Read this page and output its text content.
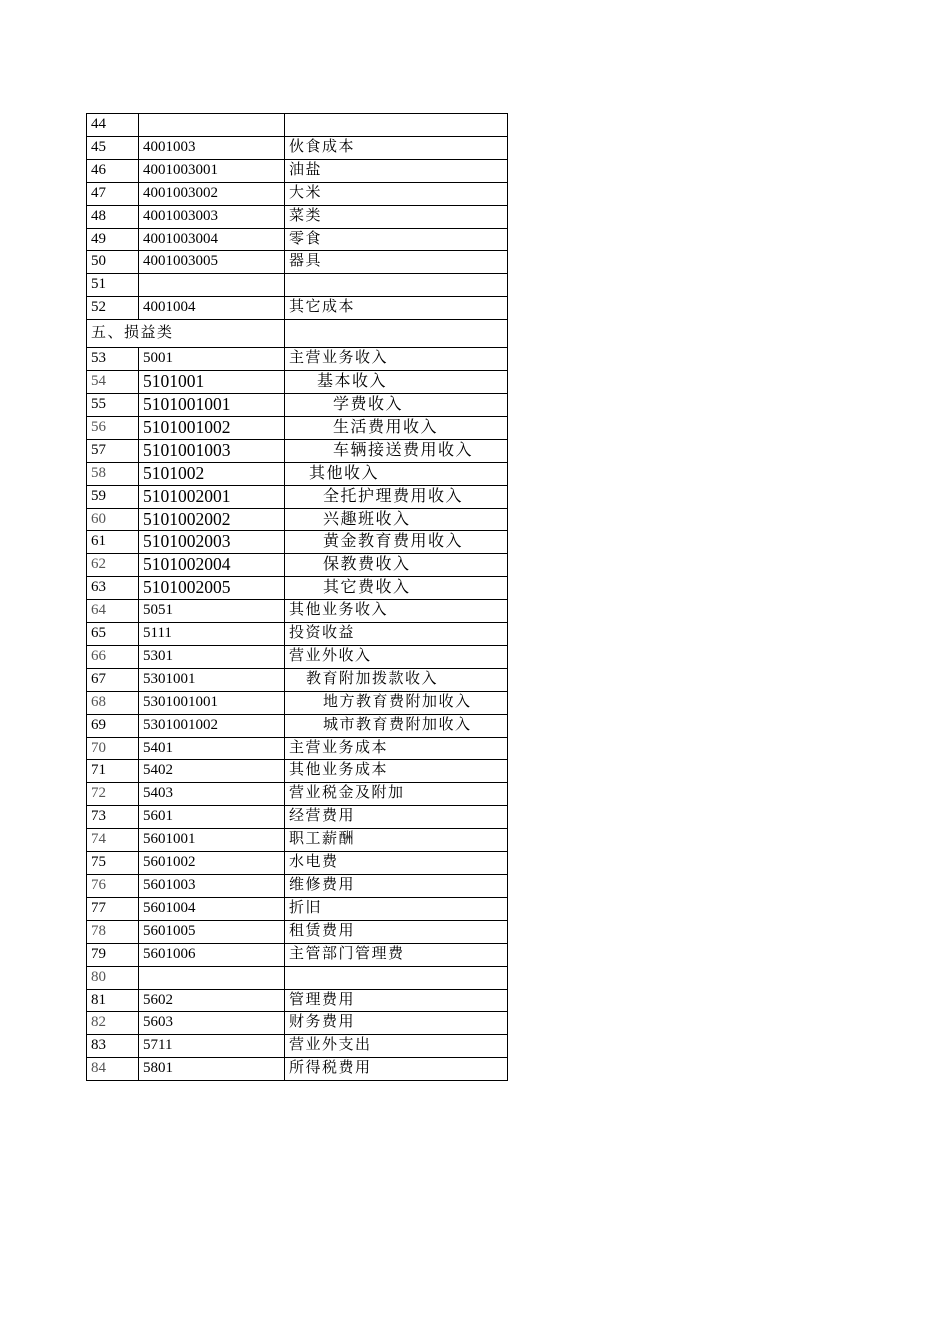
44		
45	4001003	伙食成本
46	4001003001	油盐
47	4001003002	大米
48	4001003003	菜类
49	4001003004	零食
50	4001003005	器具
51		
52	4001004	其它成本
五、损益类		
53	5001	主营业务收入
54	5101001	基本收入
55	5101001001	学费收入
56	5101001002	生活费用收入
57	5101001003	车辆接送费用收入
58	5101002	其他收入
59	5101002001	全托护理费用收入
60	5101002002	兴趣班收入
61	5101002003	黄金教育费用收入
62	5101002004	保教费收入
63	5101002005	其它费收入
64	5051	其他业务收入
65	5111	投资收益
66	5301	营业外收入
67	5301001	教育附加拨款收入
68	5301001001	地方教育费附加收入
69	5301001002	城市教育费附加收入
70	5401	主营业务成本
71	5402	其他业务成本
72	5403	营业税金及附加
73	5601	经营费用
74	5601001	职工薪酬
75	5601002	水电费
76	5601003	维修费用
77	5601004	折旧
78	5601005	租赁费用
79	5601006	主管部门管理费
80		
81	5602	管理费用
82	5603	财务费用
83	5711	营业外支出
84	5801	所得税费用
